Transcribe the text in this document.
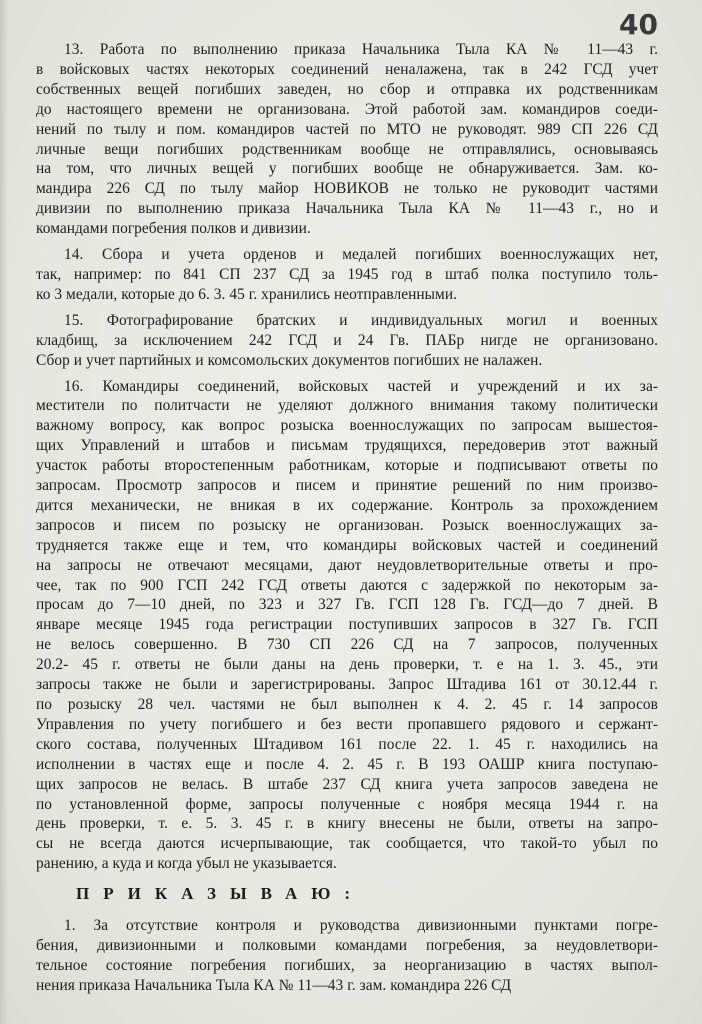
40

13. Работа по выполнению приказа Начальника Тыла КА № 11—43 г.
в войсковых частях некоторых соединений неналажена, так в 242 ГСД учет
собственных вещей погибших заведен, но сбор и отправка их родственникам
до настоящего времени не организована. Этой работой зам. командиров соеди-
нений по тылу и пом. командиров частей по МТО не руководят. 989 СП 226 СД
личные вещи погибших родственникам вообще не отправлялись, основываясь
на том, что личных вещей у погибших вообще не обнаруживается. Зам. ко-
мандира 226 СД по тылу майор НОВИКОВ не только не руководит частями
дивизии по выполнению приказа Начальника Тыла КА № 11—43 г., но и
командами погребения полков и дивизии.

14. Сбора и учета орденов и медалей погибших военнослужащих нет,
так, например: по 841 СП 237 СД за 1945 год в штаб полка поступило толь-
ко 3 медали, которые до 6. 3. 45 г. хранились неотправленными.

15. Фотографирование братских и индивидуальных могил и военных
кладбищ, за исключением 242 ГСД и 24 Гв. ПАБр нигде не организовано.
Сбор и учет партийных и комсомольских документов погибших не налажен.

16. Командиры соединений, войсковых частей и учреждений и их за-
местители по политчасти не уделяют должного внимания такому политически
важному вопросу, как вопрос розыска военнослужащих по запросам вышестоя-
щих Управлений и штабов и письмам трудящихся, передоверив этот важный
участок работы второстепенным работникам, которые и подписывают ответы по
запросам. Просмотр запросов и писем и принятие решений по ним произво-
дится механически, не вникая в их содержание. Контроль за прохождением
запросов и писем по розыску не организован. Розыск военнослужащих за-
трудняется также еще и тем, что командиры войсковых частей и соединений
на запросы не отвечают месяцами, дают неудовлетворительные ответы и про-
чее, так по 900 ГСП 242 ГСД ответы даются с задержкой по некоторым за-
просам до 7—10 дней, по 323 и 327 Гв. ГСП 128 Гв. ГСД—до 7 дней. В
январе месяце 1945 года регистрации поступивших запросов в 327 Гв. ГСП
не велось совершенно. В 730 СП 226 СД на 7 запросов, полученных
20.2- 45 г. ответы не были даны на день проверки, т. е на 1. 3. 45., эти
запросы также не были и зарегистрированы. Запрос Штадива 161 от 30.12.44 г.
по розыску 28 чел. частями не был выполнен к 4. 2. 45 г. 14 запросов
Управления по учету погибшего и без вести пропавшего рядового и сержант-
ского состава, полученных Штадивом 161 после 22. 1. 45 г. находились на
исполнении в частях еще и после 4. 2. 45 г. В 193 ОАШР книга поступаю-
щих запросов не велась. В штабе 237 СД книга учета запросов заведена не
по установленной форме, запросы полученные с ноября месяца 1944 г. на
день проверки, т. е. 5. 3. 45 г. в книгу внесены не были, ответы на запро-
сы не всегда даются исчерпывающие, так сообщается, что такой-то убыл по
ранению, а куда и когда убыл не указывается.

ПРИКАЗЫВАЮ:

1. За отсутствие контроля и руководства дивизионными пунктами погре-
бения, дивизионными и полковыми командами погребения, за неудовлетвори-
тельное состояние погребения погибших, за неорганизацию в частях выпол-
нения приказа Начальника Тыла КА № 11—43 г. зам. командира 226 СД
